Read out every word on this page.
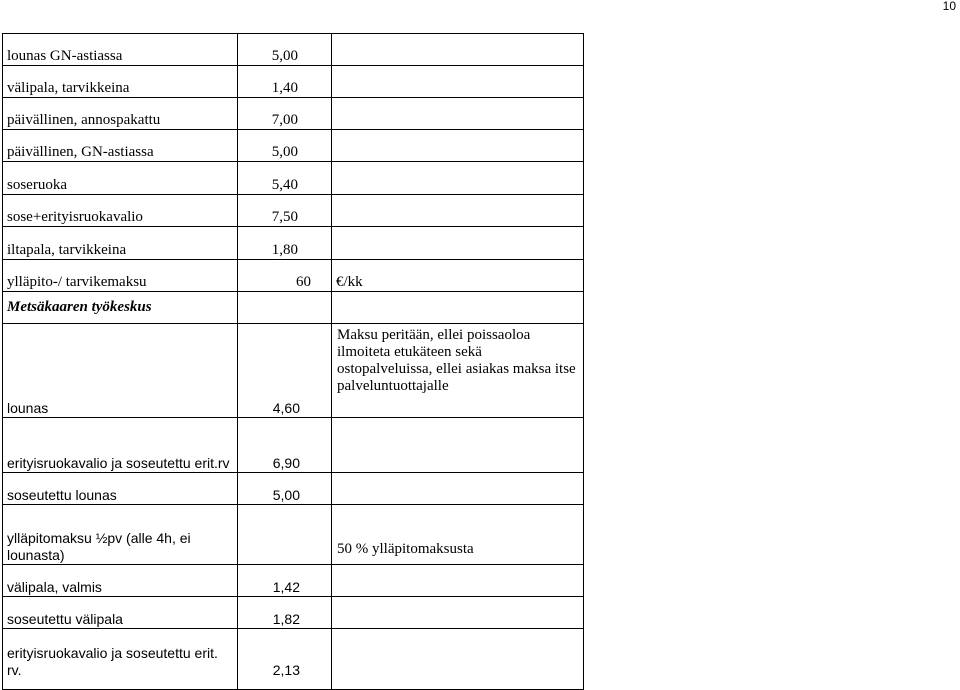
10
lounas GN-astiassa	5,00	
välipala, tarvikkeina	1,40	
päivällinen, annospakattu	7,00	
päivällinen, GN-astiassa	5,00	
soseruoka	5,40	
sose+erityisruokavalio	7,50	
iltapala, tarvikkeina	1,80	
ylläpito-/ tarvikemaksu	60	€/kk
Metsäkaaren työkeskus		
lounas	4,60	Maksu peritään, ellei poissaoloa ilmoiteta etukäteen sekä ostopalveluissa, ellei asiakas maksa itse palveluntuottajalle
erityisruokavalio ja soseutettu erit.rv	6,90	
soseutettu lounas	5,00	
ylläpitomaksu ½pv (alle 4h, ei lounasta)		50 % ylläpitomaksusta
välipala, valmis	1,42	
soseutettu välipala	1,82	
erityisruokavalio ja soseutettu erit. rv.	2,13	
